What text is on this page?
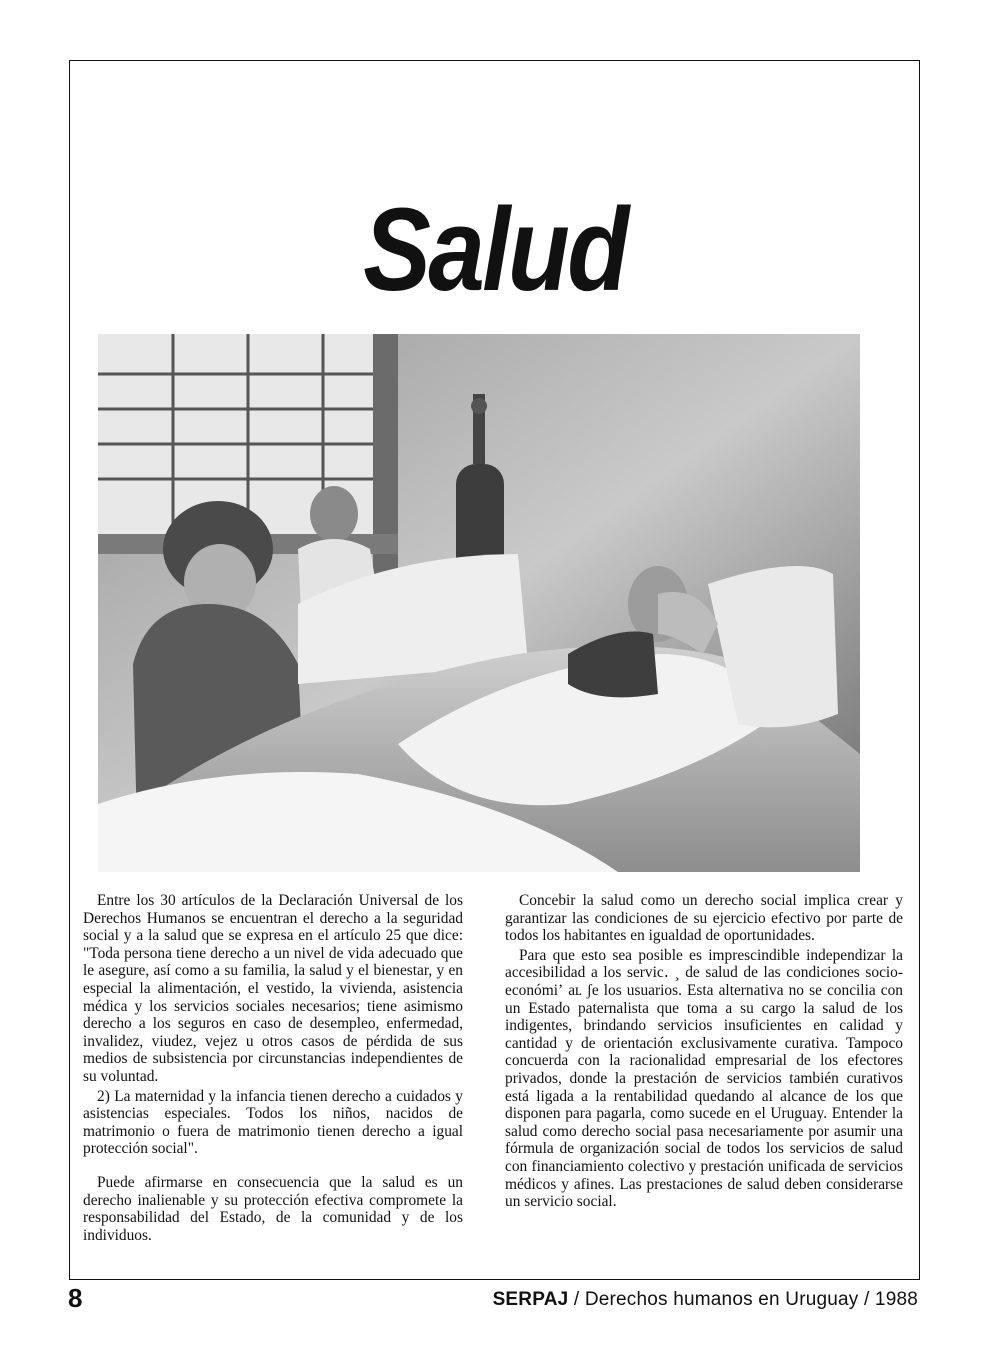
Salud

Entre los 30 artículos de la Declaración Universal de los Derechos Humanos se encuentran el derecho a la seguridad social y a la salud que se expresa en el artículo 25 que dice: "Toda persona tiene derecho a un nivel de vida adecuado que le asegure, así como a su familia, la salud y el bienestar, y en especial la alimentación, el vestido, la vivienda, asistencia médica y los servicios sociales necesarios; tiene asimismo derecho a los seguros en caso de desempleo, enfermedad, invalidez, viudez, vejez u otros casos de pérdida de sus medios de subsistencia por circunstancias independientes de su voluntad.

2) La maternidad y la infancia tienen derecho a cuidados y asistencias especiales. Todos los niños, nacidos de matrimonio o fuera de matrimonio tienen derecho a igual protección social".

Puede afirmarse en consecuencia que la salud es un derecho inalienable y su protección efectiva compromete la responsabilidad del Estado, de la comunidad y de los individuos.

Concebir la salud como un derecho social implica crear y garantizar las condiciones de su ejercicio efectivo por parte de todos los habitantes en igualdad de oportunidades.

Para que esto sea posible es imprescindible independizar la accesibilidad a los servic․ ¸ de salud de las condiciones socio-económiʼ aʟ ʃe los usuarios. Esta alternativa no se concilia con un Estado paternalista que toma a su cargo la salud de los indigentes, brindando servicios insuficientes en calidad y cantidad y de orientación exclusivamente curativa. Tampoco concuerda con la racionalidad empresarial de los efectores privados, donde la prestación de servicios también curativos está ligada a la rentabilidad quedando al alcance de los que disponen para pagarla, como sucede en el Uruguay. Entender la salud como derecho social pasa necesariamente por asumir una fórmula de organización social de todos los servicios de salud con financiamiento colectivo y prestación unificada de servicios médicos y afines. Las prestaciones de salud deben considerarse un servicio social.

8	SERPAJ / Derechos humanos en Uruguay / 1988
